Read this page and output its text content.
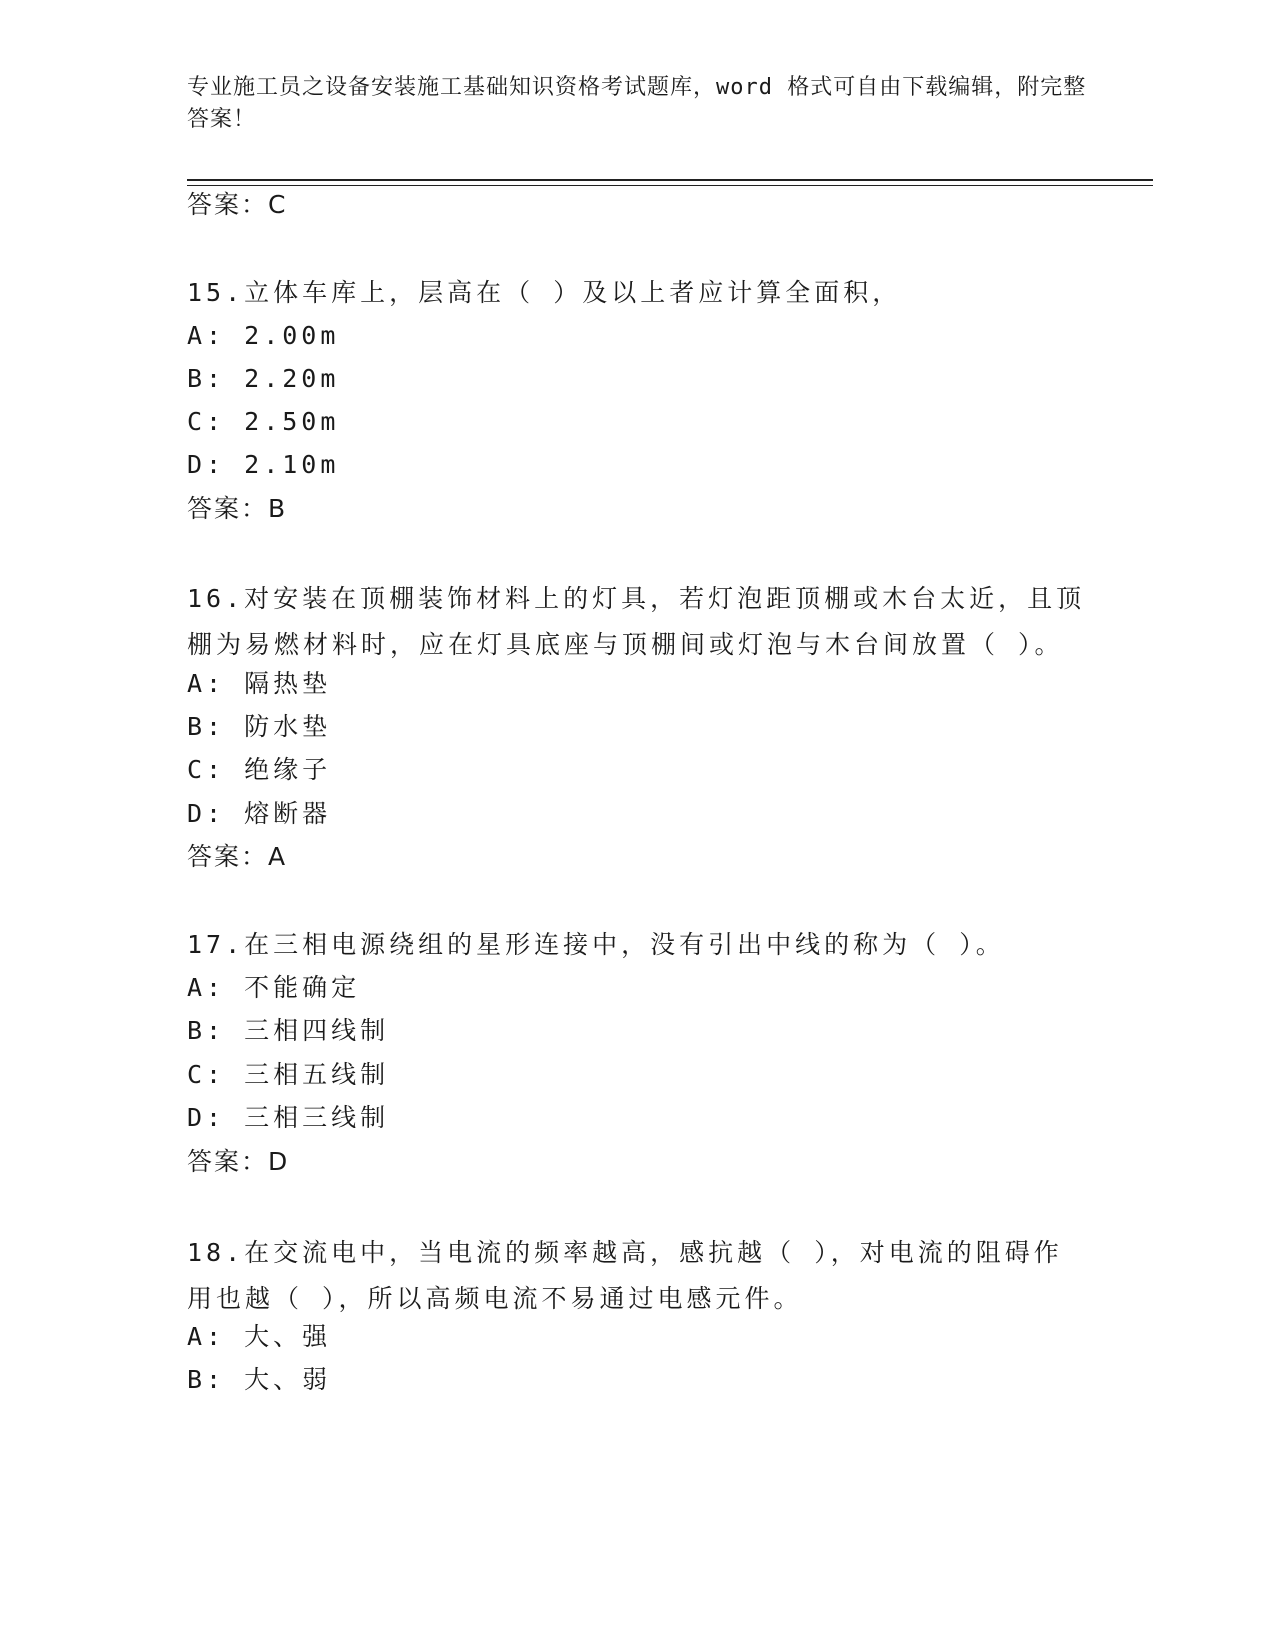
专业施工员之设备安装施工基础知识资格考试题库，word 格式可自由下载编辑，附完整答案！
答案：C
15.立体车库上，层高在（ ）及以上者应计算全面积，
A: 2.00m
B: 2.20m
C: 2.50m
D: 2.10m
答案：B
16.对安装在顶棚装饰材料上的灯具，若灯泡距顶棚或木台太近，且顶棚为易燃材料时，应在灯具底座与顶棚间或灯泡与木台间放置（ ）。
A: 隔热垫
B: 防水垫
C: 绝缘子
D: 熔断器
答案：A
17.在三相电源绕组的星形连接中，没有引出中线的称为（ ）。
A: 不能确定
B: 三相四线制
C: 三相五线制
D: 三相三线制
答案：D
18.在交流电中，当电流的频率越高，感抗越（ ），对电流的阻碍作用也越（ ），所以高频电流不易通过电感元件。
A: 大、强
B: 大、弱
